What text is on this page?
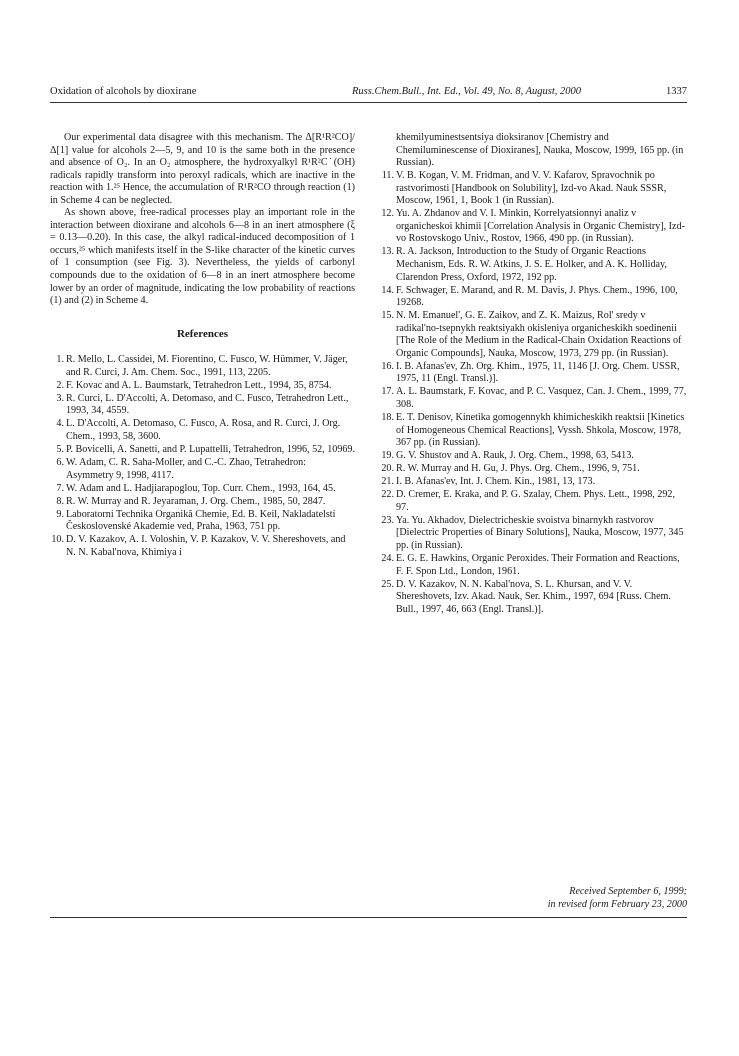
Oxidation of alcohols by dioxirane	Russ.Chem.Bull., Int. Ed., Vol. 49, No. 8, August, 2000	1337

Our experimental data disagree with this mechanism. The Δ[R¹R²CO]/Δ[1] value for alcohols 2—5, 9, and 10 is the same both in the presence and absence of O₂. In an O₂ atmosphere, the hydroxyalkyl R¹R²C˙(OH) radicals rapidly transform into peroxyl radicals, which are inactive in the reaction with 1.²⁵ Hence, the accumulation of R¹R²CO through reaction (1) in Scheme 4 can be neglected.

As shown above, free-radical processes play an important role in the interaction between dioxirane and alcohols 6—8 in an inert atmosphere (ξ = 0.13—0.20). In this case, the alkyl radical-induced decomposition of 1 occurs,²⁵ which manifests itself in the S-like character of the kinetic curves of 1 consumption (see Fig. 3). Nevertheless, the yields of carbonyl compounds due to the oxidation of 6—8 in an inert atmosphere become lower by an order of magnitude, indicating the low probability of reactions (1) and (2) in Scheme 4.

References
1. R. Mello, L. Cassidei, M. Fiorentino, C. Fusco, W. Hümmer, V. Jäger, and R. Curci, J. Am. Chem. Soc., 1991, 113, 2205.
2. F. Kovac and A. L. Baumstark, Tetrahedron Lett., 1994, 35, 8754.
3. R. Curci, L. D'Accolti, A. Detomaso, and C. Fusco, Tetrahedron Lett., 1993, 34, 4559.
4. L. D'Accolti, A. Detomaso, C. Fusco, A. Rosa, and R. Curci, J. Org. Chem., 1993, 58, 3600.
5. P. Bovicelli, A. Sanetti, and P. Lupattelli, Tetrahedron, 1996, 52, 10969.
6. W. Adam, C. R. Saha-Moller, and C.-C. Zhao, Tetrahedron: Asymmetry 9, 1998, 4117.
7. W. Adam and L. Hadjiarapoglou, Top. Curr. Chem., 1993, 164, 45.
8. R. W. Murray and R. Jeyaraman, J. Org. Chem., 1985, 50, 2847.
9. Laboratorni Technika Organikă Chemie, Ed. B. Keil, Nakladatelstí Československé Akademie ved, Praha, 1963, 751 pp.
10. D. V. Kazakov, A. I. Voloshin, V. P. Kazakov, V. V. Shereshovets, and N. N. Kabal'nova, Khimiya i
khemilyuminestsentsiya dioksiranov [Chemistry and Chemiluminescense of Dioxiranes], Nauka, Moscow, 1999, 165 pp. (in Russian).
11. V. B. Kogan, V. M. Fridman, and V. V. Kafarov, Spravochnik po rastvorimosti [Handbook on Solubility], Izd-vo Akad. Nauk SSSR, Moscow, 1961, 1, Book 1 (in Russian).
12. Yu. A. Zhdanov and V. I. Minkin, Korrelyatsionnyi analiz v organicheskoi khimii [Correlation Analysis in Organic Chemistry], Izd-vo Rostovskogo Univ., Rostov, 1966, 490 pp. (in Russian).
13. R. A. Jackson, Introduction to the Study of Organic Reactions Mechanism, Eds. R. W. Atkins, J. S. E. Holker, and A. K. Holliday, Clarendon Press, Oxford, 1972, 192 pp.
14. F. Schwager, E. Marand, and R. M. Davis, J. Phys. Chem., 1996, 100, 19268.
15. N. M. Emanuel', G. E. Zaikov, and Z. K. Maizus, Rol' sredy v radikal'no-tsepnykh reaktsiyakh okisleniya organicheskikh soedinenii [The Role of the Medium in the Radical-Chain Oxidation Reactions of Organic Compounds], Nauka, Moscow, 1973, 279 pp. (in Russian).
16. I. B. Afanas'ev, Zh. Org. Khim., 1975, 11, 1146 [J. Org. Chem. USSR, 1975, 11 (Engl. Transl.)].
17. A. L. Baumstark, F. Kovac, and P. C. Vasquez, Can. J. Chem., 1999, 77, 308.
18. E. T. Denisov, Kinetika gomogennykh khimicheskikh reaktsii [Kinetics of Homogeneous Chemical Reactions], Vyssh. Shkola, Moscow, 1978, 367 pp. (in Russian).
19. G. V. Shustov and A. Rauk, J. Org. Chem., 1998, 63, 5413.
20. R. W. Murray and H. Gu, J. Phys. Org. Chem., 1996, 9, 751.
21. I. B. Afanas'ev, Int. J. Chem. Kin., 1981, 13, 173.
22. D. Cremer, E. Kraka, and P. G. Szalay, Chem. Phys. Lett., 1998, 292, 97.
23. Ya. Yu. Akhadov, Dielectricheskie svoistva binarnykh rastvorov [Dielectric Properties of Binary Solutions], Nauka, Moscow, 1977, 345 pp. (in Russian).
24. E. G. E. Hawkins, Organic Peroxides. Their Formation and Reactions, F. F. Spon Ltd., London, 1961.
25. D. V. Kazakov, N. N. Kabal'nova, S. L. Khursan, and V. V. Shereshovets, Izv. Akad. Nauk, Ser. Khim., 1997, 694 [Russ. Chem. Bull., 1997, 46, 663 (Engl. Transl.)].
Received September 6, 1999;
in revised form February 23, 2000
